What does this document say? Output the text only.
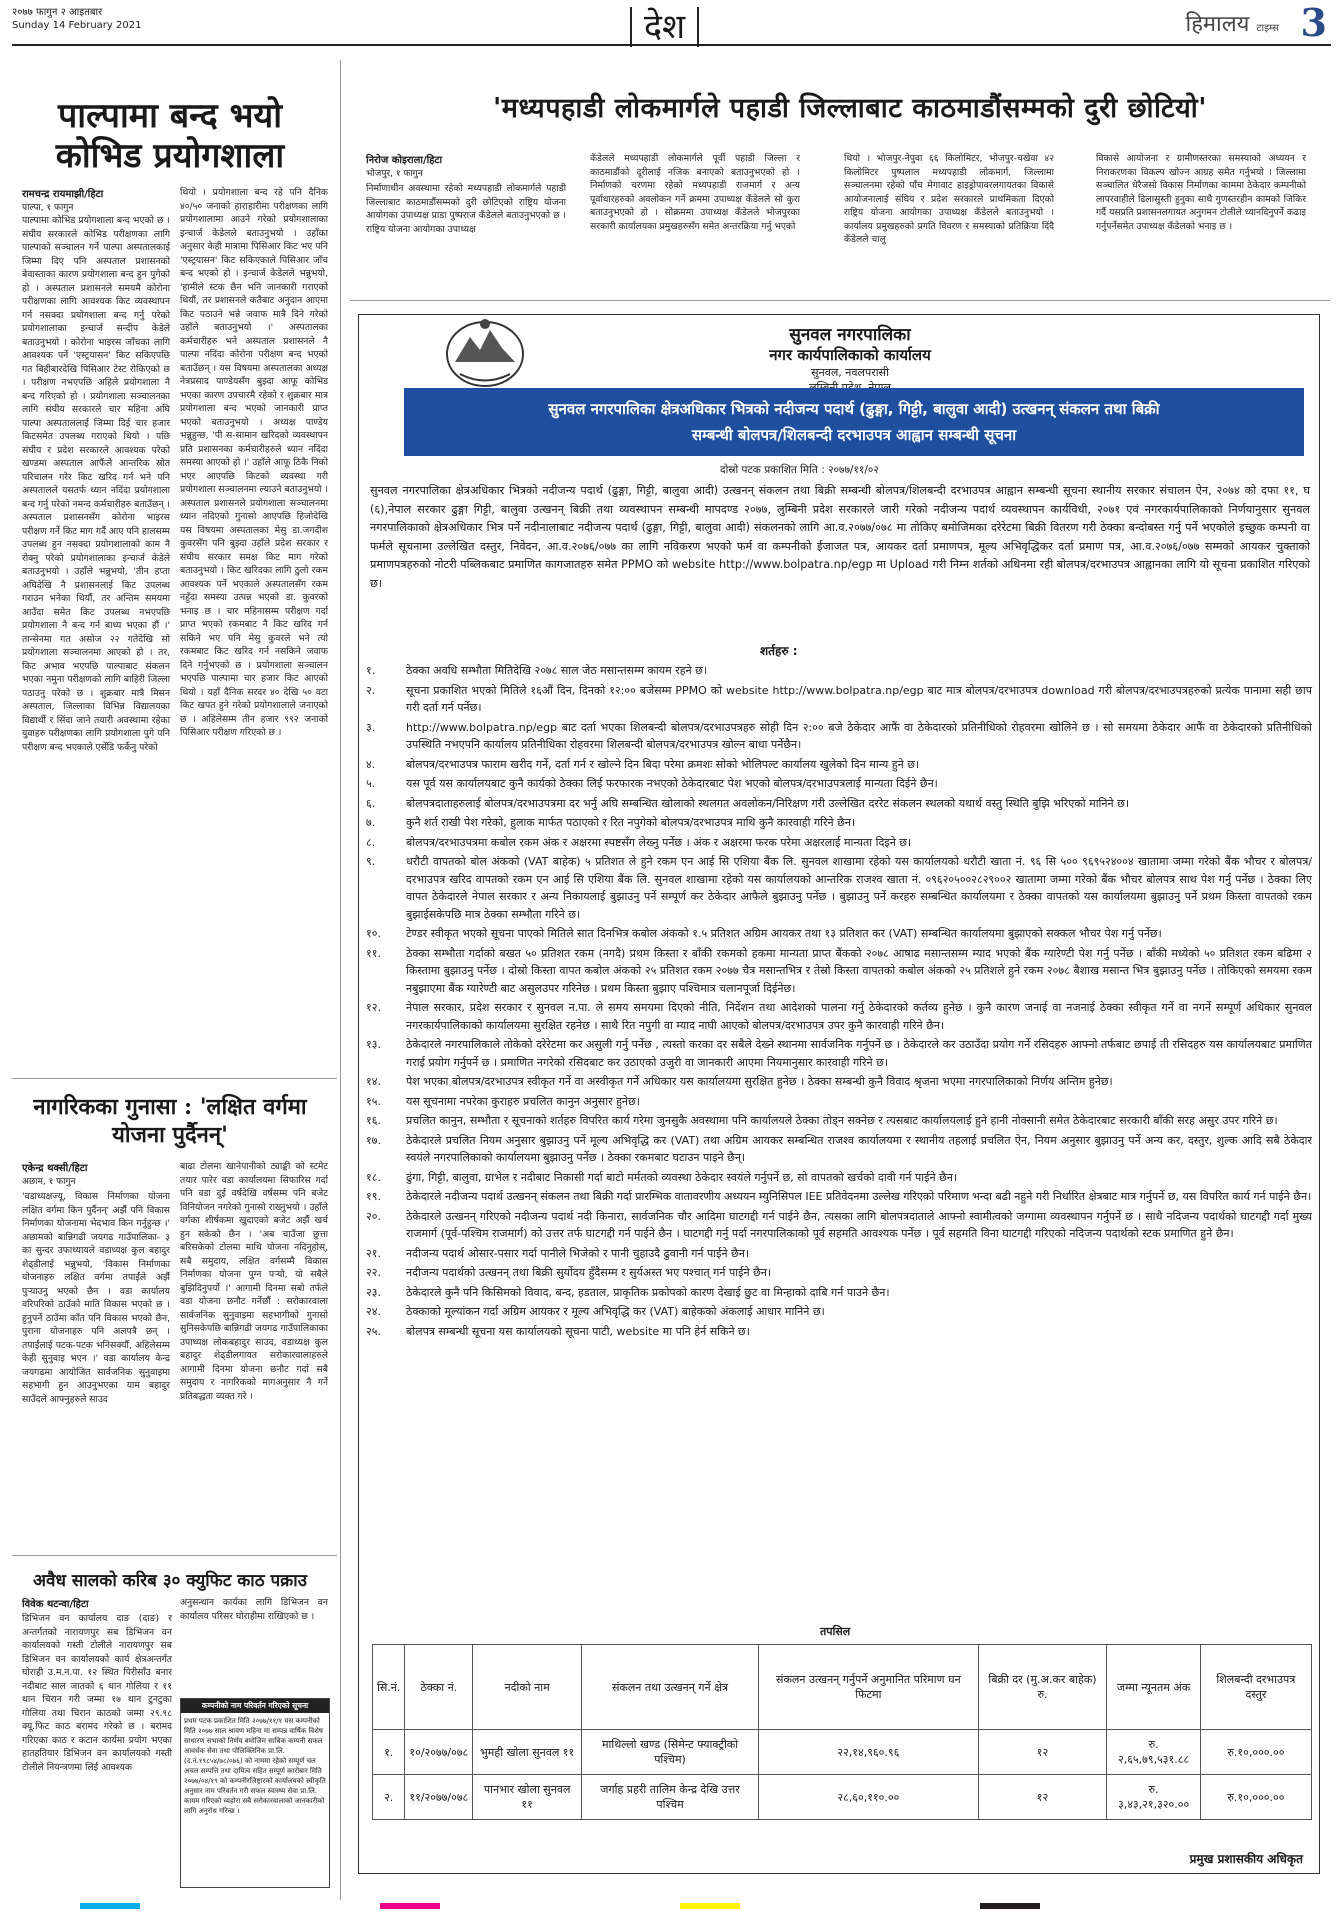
२०७७ फागुन २ आइतबार
Sunday 14 February 2021	देश	हिमालय टाइम्स 3
पाल्पामा बन्द भयो कोभिड प्रयोगशाला
रामचन्द्र रायमाझी/हिटा
पाल्पा, १ फागुन
पाल्पामा कोभिड प्रयोगशाला बन्द भएको छ । संघीय सरकारले कोभिड परीक्षणका लागि पाल्पाको सञ्चालन गर्ने पाल्पा अस्पतालकाई जिम्मा दिए पनि अस्पताल प्रशासनको बेवास्ताका कारण प्रयोगशाला बन्द हुन पुगेको हो । अस्पताल प्रशासनले समयमै कोरोना परीक्षणका लागि आवश्यक किट व्यवस्थापन गर्न नसक्दा प्रयोगशाला बन्द गर्नु परेको प्रयोगशालाका इन्चार्ज सन्दीप केडेले बताउनुभयो । कोरोना भाइरस जाँचका लागि आवश्यक पर्ने 'एस्ट्रयासन' किट सकिएपछि गत बिहीबारदेखि पिसिआर टेस्ट रोकिएको छ । परीक्षण नभएपछि अहिले प्रयोगशाला नै बन्द गरिएको हो । प्रयोगशाला सञ्चालनका लागि संघीय सरकारले चार महिना अघि पाल्पा अस्पताललाई जिम्मा दिई चार हजार किटसमेत उपलब्ध गराएको थियो । पछि संघीय र प्रदेश सरकारले आवश्यक परेको खण्डमा अस्पताल आफैंले आन्तरिक स्रोत परिचालन गरेर किट खरिद गर्न भने पनि अस्पतालले यसतर्फ ध्यान नदिंदा प्रयोगशाला बन्द गर्नु परेको नमन्द कर्मचारीहरु बताउँछन् । अस्पताल प्रशासनसँग कोरोना भाइरस परीक्षण गर्ने किट माग गर्दै आए पनि हालसम्म उपलब्ध हुन नसक्दा प्रयोगशालाको काम नै रोक्नु परेको प्रयोगशालाका इन्चार्ज केडेले बताउनुभयो । उहाँले भन्नुभयो, 'तीन हप्ता अघिदेखि नै प्रशासनलाई किट उपलब्ध गराउन भनेका थियौं, तर अन्तिम समयमा आउँदा समेत किट उपलब्ध नभएपछि प्रयोगशाला नै बन्द गर्न बाध्य भएका हौं ।' तान्सेनमा गत असोज २२ गतेदेखि सो प्रयोगशाला सञ्चालनमा आएको हो । तर, किट अभाव भएपछि पाल्पाबाट संकलन भएका नमुना परीक्षणको लागि बाहिरी जिल्ला पठाउनु परेको छ । शुक्रबार मात्रै मिसन अस्पताल, जिल्लाका विभिन्न विद्यालयका विद्यार्थी र सिंदा जाने तयारी अवस्थामा रहेका युवाहरु परीक्षणका लागि प्रयोगशाला पुगे पनि परीक्षण बन्द भएकाले एसेंडि फर्केनु परेको
थियो । प्रयोगशाला बन्द रहे पनि दैनिक ४०/५० जनाको हाराहारीमा परीक्षणका लागि प्रयोगशालामा आउने गरेको प्रयोगशालाका इन्चार्ज केडेलले बताउनुभयो । उहाँका अनुसार केही मात्रामा पिसिआर किट भए पनि 'एस्ट्रयासन' किट सकिएकाले पिसिआर जाँच बन्द भएको हो । इन्चार्ज केडेलले भन्नुभयो, 'हामीले स्टक छैन भनि जानकारी गराएको थियौं, तर प्रशासनले कतैबाट अनुदान आएमा किट पठाउने भन्ने जवाफ मात्रै दिने गरेको उहाँले बताउनुभयो ।' अस्पतालका कर्मचारीहरु भने अस्पताल प्रशासनले नै पाल्पा नदिंदा कोरोना परीक्षण बन्द भएको बताउँछन् । यस विषयमा अस्पतालका अध्यक्ष नेत्रप्रसाद पाण्डेयसँग बुझ्दा आफू कोभिड भएका कारण उपचारमै रहेको र शुक्रबार मात्र प्रयोगशाला बन्द भएको जानकारी प्राप्त भएको बताउनुभयो । अध्यक्ष पाण्डेय भन्नुहुन्छ, 'पी स-सामान खरिदको व्यवस्थापन प्रति प्रशासनका कर्मचारीहरुले ध्यान नदिंदा समस्या आएको हो ।' उहाँले आफू ठिकै निको भएर आएपछि किटको व्यवस्था गरी प्रयोगशाला सञ्चालनमा ल्याउने बताउनुभयो । अस्पताल प्रशासनले प्रयोगशाला सञ्चालनमा ध्यान नदिएको गुनासो आएपछि हिजोदेखि यस विषयमा अस्पतालका मेसु डा.जगदीश कुवरसँग पनि बुझ्दा उहाँले प्रदेश सरकार र संघीय सरकार समक्ष किट माग गरेको बताउनुभयो । किट खरिदका लागि ठुलो रकम आवश्यक पर्ने भएकाले अस्पतालसँग रकम नहुँदा समस्या उत्पन्न भएको डा. कुवरको भनाइ छ । चार महिनासम्म परीक्षण गर्दा प्राप्त भएको रकमबाट नै किट खरिद गर्न सकिने भए पनि मेसु कुवरले भने त्यो रकमबाट किट खरिद गर्न नसकिने जवाफ दिने गर्नुभएको छ । प्रयोगशाला सञ्चालन भएपछि पाल्पामा चार हजार किट आएको थियो । यहाँ दैनिक सरदर ४० देखि ५० वटा किट खपत हुने गरेको प्रयोगशालाले जनाएको छ । अहिलेसम्म तीन हजार ९९२ जनाको पिसिआर परीक्षण गरिएको छ ।
'मध्यपहाडी लोकमार्गले पहाडी जिल्लाबाट काठमाडौंसम्मको दुरी छोटियो'
निरोज कोइराला/हिटा
भोजपुर, १ फागुन
निर्माणाधीन अवस्थामा रहेको मध्यपहाडी लोकमार्गले पहाडी जिल्लाबाट काठमाडौंसम्मको दुरी छोटिएको राष्ट्रिय योजना आयोगका उपाध्यक्ष प्राडा पुष्पराज कँडेलले बताउनुभएको छ । राष्ट्रिय योजना आयोगका उपाध्यक्ष
कँडेलले मध्यपहाडी लोकमार्गले पूर्वी पहाडी जिल्ला र काठमाडौंको दूरीलाई नजिक बनाएको बताउनुभएको हो । निर्माणको चरणमा रहेको मध्यपहाडी राजमार्ग र अन्य पूर्वाधारहरुको अवलोकन गर्ने क्रममा उपाध्यक्ष कँडेलले सो कुरा बताउनुभएको हो । सोक्रममा उपाध्यक्ष कँडेलले भोजपुरका सरकारी कार्यालयका प्रमुखहरुसँग समेत अन्तरक्रिया गर्नु भएको
थियो । भोजपुर-नेपुवा ६६ किलोमिटर, भोजपुर-चखेवा ४२ किलोमिटर पुष्पलाल मध्यपहाडी लोकमार्ग, जिल्लामा सञ्चालनमा रहेको पाँच मेगावाट हाइड्रोपावरलगायतका विकासे आयोजनालाई संघिय र प्रदेश सरकारले प्राथमिकता दिएको राष्ट्रिय योजना आयोगका उपाध्यक्ष कँडेलले बताउनुभयो । कार्यालय प्रमुखहरुको प्रगति विवरण र समस्याको प्रतिक्रिया दिंदै कँडेलले चालु
विकासे आयोजना र ग्रामीणस्तरका समस्याको अध्ययन र निराकरणका विकल्प खोज्न आग्रह समेत गर्नुभयो । जिल्लामा सञ्चालित धेरैजसो विकास निर्माणका काममा ठेकेदार कम्पनीको लापरवाहीले ढिलासुस्ती हुनुका साथै गुणस्तरहीन कामको जिकिर गर्दै यसप्रति प्रशासनलगायत अनुगमन टोलीले ध्यानदिनुपर्ने कढाइ गर्नुपर्नेसमेत उपाध्यक्ष कँडेलको भनाइ छ ।
सुनवल नगरपालिका
नगर कार्यपालिकाको कार्यालय
सुनवल, नवलपरासी
सुनवल नगरपालिका क्षेत्रअधिकार भित्रको नदीजन्य पदार्थ (ढुङ्गा, गिट्टी, बालुवा आदी) उत्खनन् संकलन तथा बिक्री
सम्बन्धी बोलपत्र/शिलबन्दी दरभाउपत्र आह्वान सम्बन्धी सूचना
दोस्रो पटक प्रकाशित मिति : २०७७/११/०२
सुनवल नगरपालिका क्षेत्रअधिकार भित्रको नदीजन्य पदार्थ (ढुङ्गा, गिट्टी, बालुवा आदी) उत्खनन् संकलन तथा बिक्री सम्बन्धी बोलपत्र/शिलबन्दी दरभाउपत्र आह्वान सम्बन्धी सूचना स्थानीय सरकार संचालन ऐन, २०७४ को दफा ११, घ (६),नेपाल सरकार ढुङ्गा गिट्टी, बालुवा उत्खनन् बिक्री तथा व्यवस्थापन सम्बन्धी मापदण्ड २०७७, लुम्बिनी प्रदेश सरकारले जारी गरेको नदीजन्य पदार्थ व्यवस्थापन कार्यविधी, २०७१ एवं नगरकार्यपालिकाको निर्णयानुसार सुनवल नगरपालिकाको क्षेत्रअधिकार भित्र पर्ने नदीनालाबाट नदीजन्य पदार्थ (ढुङ्गा, गिट्टी, बालुवा आदी) संकलनको लागि आ.व.२०७७/०७८ मा तोकिए बमोजिमका दरेरेटमा बिक्री वितरण गरी ठेक्का बन्दोबस्त गर्नु पर्ने भएकोले इच्छुक कम्पनी वा फर्मले सूचनामा उल्लेखित दस्तुर, निवेदन, आ.व.२०७६/०७७ का लागि नविकरण भएको फर्म वा कम्पनीको ईजाजत पत्र, आयकर दर्ता प्रमाणपत्र, मूल्य अभिवृद्धिकर दर्ता प्रमाण पत्र, आ.व.२०७६/०७७ सम्मको आयकर चुक्ताको प्रमाणपत्रहरुको नोटरी पब्लिकबाट प्रमाणित कागजातहरु समेत PPMO को website http://www.bolpatra.np/egp मा Upload गरी निम्न शर्तको अधिनमा रही बोलपत्र/दरभाउपत्र आह्वानका लागि यो सूचना प्रकाशित गरिएको छ।
शर्तहरु :
१.	ठेक्का अवधि सम्भौता मितिदेखि २०७८ साल जेठ मसान्तसम्म कायम रहने छ।
२.	सूचना प्रकाशित भएको मितिले १६औं दिन, दिनको १२:०० बजेसम्म PPMO को website http://www.bolpatra.np/egp बाट मात्र बोलपत्र/दरभाउपत्र download गरी बोलपत्र/दरभाउपत्रहरुको प्रत्येक पानामा सही छाप गरी दर्ता गर्न पर्नेछ।
३.	http://www.bolpatra.np/egp बाट दर्ता भएका शिलबन्दी बोलपत्र/दरभाउपत्रहरु सोही दिन २:०० बजे ठेकेदार आफैं वा ठेकेदारको प्रतिनीधिको रोहवरमा खोलिने छ । सो समयमा ठेकेदार आफैं वा ठेकेदारको प्रतिनीधिको उपस्थिति नभएपनि कार्यालय प्रतिनीधिका रोहवरमा शिलबन्दी बोलपत्र/दरभाउपत्र खोल्न बाधा पर्नेछैन।
४.	बोलपत्र/दरभाउपत्र फाराम खरीद गर्ने, दर्ता गर्न र खोल्ने दिन बिदा परेमा क्रमशः सोको भोलिपल्ट कार्यालय खुलेको दिन मान्य हुने छ।
५.	यस पूर्व यस कार्यालयबाट कुनै कार्यको ठेक्का लिई फरफारक नभएको ठेकेदारबाट पेश भएको बोलपत्र/दरभाउपत्रलाई मान्यता दिईने छैन।
६.	बोलपत्रदाताहरुलाई बोलपत्र/दरभाउपत्रमा दर भर्नु अघि सम्बन्धित खोलाको स्थलगत अवलोकन/निरिक्षण गरी उल्लेखित दररेट संकलन स्थलको यथार्थ वस्तु स्थिति बुझि भरिएको मानिने छ।
७.	कुनै शर्त राखी पेश गरेको, हुलाक मार्फत पठाएको र रित नपुगेको बोलपत्र/दरभाउपत्र माथि कुनै कारवाही गरिने छैन।
८.	बोलपत्र/दरभाउपत्रमा कबोल रकम अंक र अक्षरमा स्पष्टसँग लेख्नु पर्नेछ । अंक र अक्षरमा फरक परेमा अक्षरलाई मान्यता दिइने छ।
९.	धरौटी वापतको बोल अंकको (VAT बाहेक) ५ प्रतिशत ले हुने रकम एन आई सि एशिया बैंक लि. सुनवल शाखामा रहेको यस कार्यालयको धरौटी खाता नं. ९६ सि ५०० ९६९५२४००४ खातामा जम्मा गरेको बैंक भौचर र बोलपत्र/दरभाउपत्र खरिद वापतको रकम एन आई सि एशिया बैंक लि. सुनवल शाखामा रहेको यस कार्यालयको आन्तरिक राजश्व खाता नं. ०९६२०५००२८२९००२ खातामा जम्मा गरेको बैंक भौचर बोलपत्र साथ पेश गर्नु पर्नेछ । ठेक्का लिए वापत ठेकेदारले नेपाल सरकार र अन्य निकायलाई बुझाउनु पर्ने सम्पूर्ण कर ठेकेदार आफैले बुझाउनु पर्नेछ । बुझाउनु पर्ने करहरु सम्बन्धित कार्यालयमा र ठेक्का वापतको यस कार्यालयमा बुझाउनु पर्ने प्रथम किस्ता वापतको रकम बुझाईसकेपछि मात्र ठेक्का सम्भौता गरिने छ।
१०.	टेण्डर स्वीकृत भएको सूचना पाएको मितिले सात दिनभित्र कबोल अंकको १.५ प्रतिशत अग्रिम आयकर तथा १३ प्रतिशत कर (VAT) सम्बन्धित कार्यालयमा बुझाएको सक्कल भौचर पेश गर्नु पर्नेछ।
११.	ठेक्का सम्भौता गर्दाको बखत ५० प्रतिशत रकम (नगदै) प्रथम किस्ता र बाँकी रकमको हकमा मान्यता प्राप्त बैंकको २०७८ आषाढ मसान्तसम्म म्याद भएको बैंक ग्यारेण्टी पेश गर्नु पर्नेछ । बाँकी मध्येको ५० प्रतिशत रकम बढिमा २ किस्तामा बुझाउनु पर्नेछ । दोस्रो किस्ता वापत कबोल अंकको २५ प्रतिशत रकम २०७७ चैत्र मसान्तभित्र र तेस्रो किस्ता वापतको कबोल अंकको २५ प्रतिशले हुने रकम २०७८ बैशाख मसान्त भित्र बुझाउनु पर्नेछ । तोकिएको समयमा रकम नबुझाएमा बैंक ग्यारेण्टी बाट असुलउपर गरिनेछ । प्रथम किस्ता बुझाए पश्चिमात्र चलानपूर्जा दिईनेछ।
१२.	नेपाल सरकार, प्रदेश सरकार र सुनवल न.पा. ले समय समयमा दिएको नीति, निर्देशन तथा आदेशको पालना गर्नु ठेकेदारको कर्तव्य हुनेछ । कुनै कारण जनाई वा नजनाई ठेक्का स्वीकृत गर्ने वा नगर्ने सम्पूर्ण अधिकार सुनवल नगरकार्यपालिकाको कार्यालयमा सुरक्षित रहनेछ । साथै रित नपुगी वा म्याद नाघी आएको बोलपत्र/दरभाउपत्र उपर कुनै कारवाही गरिने छैन।
१३.	ठेकेदारले नगरपालिकाले तोकेको दरेरेटमा कर असुली गर्नु पर्नेछ , त्यस्तो करका दर सबैले देख्ने स्थानमा सार्वजनिक गर्नुपर्ने छ । ठेकेदारले कर उठाउँदा प्रयोग गर्ने रसिदहरु आफ्नो तर्फबाट छपाई ती रसिदहरु यस कार्यालयबाट प्रमाणित गराई प्रयोग गर्नुपर्ने छ । प्रमाणित नगरेको रसिदबाट कर उठाएको उजुरी वा जानकारी आएमा नियमानुसार कारवाही गरिने छ।
१४.	पेश भएका बोलपत्र/दरभाउपत्र स्वीकृत गर्ने वा अस्वीकृत गर्ने अधिकार यस कार्यालयमा सुरक्षित हुनेछ । ठेक्का सम्बन्धी कुनै विवाद श्रृजना भएमा नगरपालिकाको निर्णय अन्तिम हुनेछ।
१५.	यस सूचनामा नपरेका कुराहरु प्रचलित कानुन अनुसार हुनेछ।
१६.	प्रचलित कानुन, सम्भौता र सूचनाको शर्तहरु विपरित कार्य गरेमा जुनसुकै अवस्थामा पनि कार्यालयले ठेक्का तोड्न सक्नेछ र त्यसबाट कार्यालयलाई हुने हानी नोक्सानी समेत ठेकेदारबाट सरकारी बाँकी सरह असुर उपर गरिने छ।
१७.	ठेकेदारले प्रचलित नियम अनुसार बुझाउनु पर्ने मूल्य अभिवृद्धि कर (VAT) तथा अग्रिम आयकर सम्बन्धित राजश्व कार्यालयमा र स्थानीय तहलाई प्रचलित ऐन, नियम अनुसार बुझाउनु पर्ने अन्य कर, दस्तुर, शुल्क आदि सबै ठेकेदार स्वयंले नगरपालिकाको कार्यालयमा बुझाउनु पर्नेछ । ठेक्का रकमबाट घटाउन पाइने छैन्।
१८.	ढुंगा, गिट्टी, बालुवा, ग्राभेल र नदीबाट निकासी गर्दा बाटो मर्मतको व्यवस्था ठेकेदार स्वयंले गर्नुपर्ने छ, सो वापतको खर्चको दावी गर्न पाईने छैन।
१९.	ठेकेदारले नदीजन्य पदार्थ उत्खनन् संकलन तथा बिक्री गर्दा प्रारम्भिक वातावरणीय अध्ययन म्युनिसिपल IEE प्रतिवेदनमा उल्लेख गरिएको परिमाण भन्दा बढी नहुने गरी निर्धारित क्षेत्रबाट मात्र गर्नुपर्ने छ, यस विपरित कार्य गर्न पाईने छैन।
२०.	ठेकेदारले उत्खनन् गरिएको नदीजन्य पदार्थ नदी किनारा, सार्वजनिक चौर आदिमा घाटगद्दी गर्न पाईने छैन, त्यसका लागि बोलपत्रदाताले आफ्नो स्वामीत्वको जग्गामा व्यवस्थापन गर्नुपर्ने छ । साथै नदिजन्य पदार्थको घाटगद्दी गर्दा मुख्य राजमार्ग (पूर्व-पश्चिम राजमार्ग) को उत्तर तर्फ घाटगद्दी गर्न पाईने छैन । घाटगद्दी गर्नु पर्दा नगरपालिकाको पूर्व सहमति आवश्यक पर्नेछ । पूर्व सहमति विना घाटगद्दी गरिएको नदिजन्य पदार्थको स्टक प्रमाणित हुने छैन।
२१.	नदीजन्य पदार्थ ओसार-पसार गर्दा पानीले भिजेको र पानी चुहाउदै ढुवानी गर्न पाईने छैन।
२२.	नदीजन्य पदार्थको उत्खनन् तथा बिक्री सुर्योदय हुँदैसम्म र सुर्यअस्त भए पश्चात् गर्न पाईने छैन।
२३.	ठेकेदारले कुनै पनि किसिमको विवाद, बन्द, हडताल, प्राकृतिक प्रकोपको कारण देखाई छुट वा मिन्हाको दाबि गर्न पाउने छैन।
२४.	ठेक्काको मूल्यांकन गर्दा अग्रिम आयकर र मूल्य अभिवृद्धि कर (VAT) बाहेकको अंकलाई आधार मानिने छ।
२५.	बोलपत्र सम्बन्धी सूचना यस कार्यालयको सूचना पाटी, website मा पनि हेर्न सकिने छ।
तपसिल
सि.नं.	ठेक्का नं.	नदीको नाम	संकलन तथा उत्खनन् गर्ने क्षेत्र	संकलन उत्खनन् गर्नुपर्ने अनुमानित परिमाण घन फिटमा	बिक्री दर (मु.अ.कर बाहेक) रु.	जम्मा न्यूनतम अंक	शिलबन्दी दरभाउपत्र दस्तुर
१.	१०/२०७७/०७८	भुमही खोला सुनवल ११	माथिल्लो खण्ड (सिमेन्ट फ्याक्ट्रीको पश्चिम)	२२,१४,९६०.९६	१२	रु. २,६५,७९,५३१.८८	रु.१०,०००.००
२.	११/२०७७/०७८	पानभार खोला सुनवल ११	जर्गाह प्रहरी तालिम केन्द्र देखि उत्तर पश्चिम	२८,६०,११०.००	१२	रु. ३,४३,२१,३२०.००	रु.१०,०००.००
प्रमुख प्रशासकीय अधिकृत
नागरिकका गुनासा : 'लक्षित वर्गमा योजना पुर्दैनन्'
एकेन्द्र थक्सी/हिटा
अछाम, १ फागुन
'वडाध्यक्षज्यू, विकास निर्माणका योजना लक्षित वर्गमा किन पुर्दैनन्' अर्झै पनि विकास निर्माणका योजनामा भेदभाव किन गर्नुहुन्छ ।' अछामको बान्निगढी जयगढ गाउँपालिका- ३ का सुन्दर उफाध्यायले वडाध्यक्ष कुल बहादुर शेढ्डीलाई भन्नुभयो, 'विकास निर्माणका योजनाहरु लक्षित वर्गमा तपाईंले अर्झै पुऱ्याउनु भएको छैन । वडा कार्यालय वरिपरिको ठाउँको माति विकास भएको छ । हुनुपर्ने ठाउँमा काँत पनि विकास भएको छैन, पुराना योजनाहरु पनि अलपत्रै छन् । तपाईंलाई पटक-पटक भनिसक्यौं, अहिलेसम्म केही सुनुवाइ भएन ।' वडा कार्यालय केन्द्र जयगढमा आयोजित सार्वजनिक सुनुवाइमा सहभागी हुन आउनुभएका याम बहादुर साउँदले आफ्नुहरुले साउद
बाढा टोलमा खानेपानीको ट्याङ्की को स्टमेट तयार पारेर वडा कार्यालयमा सिफारिस गर्दा पनि वडा दुई वर्षदेखि वर्षसम्म पनि बजेट विनियोजन नगरेको गुनासो राख्नुभयो । उहाँले वर्गका शीर्षकमा खुदाएको बजेट अर्झै खर्च हुन सकेको छैन । 'अब चाउँजा छुत्ता बरिसकेको टोलमा माथि योजना नदिनुहोस्, सबै समुदाय, लक्षित वर्गसम्मै विकास निर्माणका योजना पुग्न पऱ्यो, यो सबैले बुझिदिनुपर्यो ।' आगामी दिनमा सबो तर्फले वडा योजना छनौट गर्नेछौं : सरोकारवाला सार्वजनिक सुनुवाइमा सहभागीको गुनासो सुनिसकेपछि बान्निगढी जयगढ गाउँपालिकाका उपाध्यक्ष लोकबहादुर साउद, वडाध्यक्ष कुल बहादुर शेढ्डीलगायत सरोकारवालाहरुले आगामी दिनमा योजना छनौट गर्दा सबै समुदाय र नागरिकको मागअनुसार नै गर्ने प्रतिबद्धता व्यक्त गरे ।
अवैध सालको करिब ३० क्युफिट काठ पक्राउ
विवेक थटन्वा/हिटा
डिभिजन वन कार्यालय दाङ (दाङ) र अन्तर्गतको नारायणपुर सब डिभिजन वन कार्यालयको गस्ती टोलीले नारायणपुर सब डिभिजन वन कार्यालयको कार्य क्षेत्रअन्तर्गत घोराही उ.म.न.पा. १२ स्थित पिरीसाँउ बनार नदीबाट साल जातको ६ थान गोलिया र ११ थान चिरान गरी जम्मा १७ थान टुनटुका गोलिया तथा चिरान काठको जम्मा २९.९८ क्यू.फिट काठ बरामद गरेको छ । बरामद गरिएका काठ र कटान कार्यमा प्रयोग भएका हातहतियार डिभिजन वन कार्यालयको गस्ती टोलीले नियन्त्रणमा लिई आवश्यक
अनुसन्धान कार्यका लागि डिभिजन वन कार्यालय परिसर घोराहीमा राखिएको छ ।
कम्पनीको नाम परिवर्तन गरिएको सूचना
प्रथम पटक प्रकाशित मिति २०७७/११/१ यस कम्पनीको मिति २०७७ साल श्रावण महिना मा सम्पन्न वार्षिक विशेष साधारण सभाको निर्णय बमोजिम साबिक कम्पनी सफल आवर्धक सेवा तथा पोलिक्लिनिक प्रा.लि.(द.नं.१९८५४/७८/०७६) को नाममा रहेको सम्पूर्ण चल अचल सम्पत्ति तथा दायित्व सहित सम्पूर्ण कारोबार मिति २०७७/०४/१९ को कम्पनीरजिष्ट्रारको कार्यालयको स्वीकृति अनुसार नाम परिवर्तन गरी सफल स्वास्थ्य सेवा प्रा.लि. कायम गरिएको व्यहोरा सबै सरोकारवालाको जानकारीको लागि अनुरोध गरिन्छ ।
